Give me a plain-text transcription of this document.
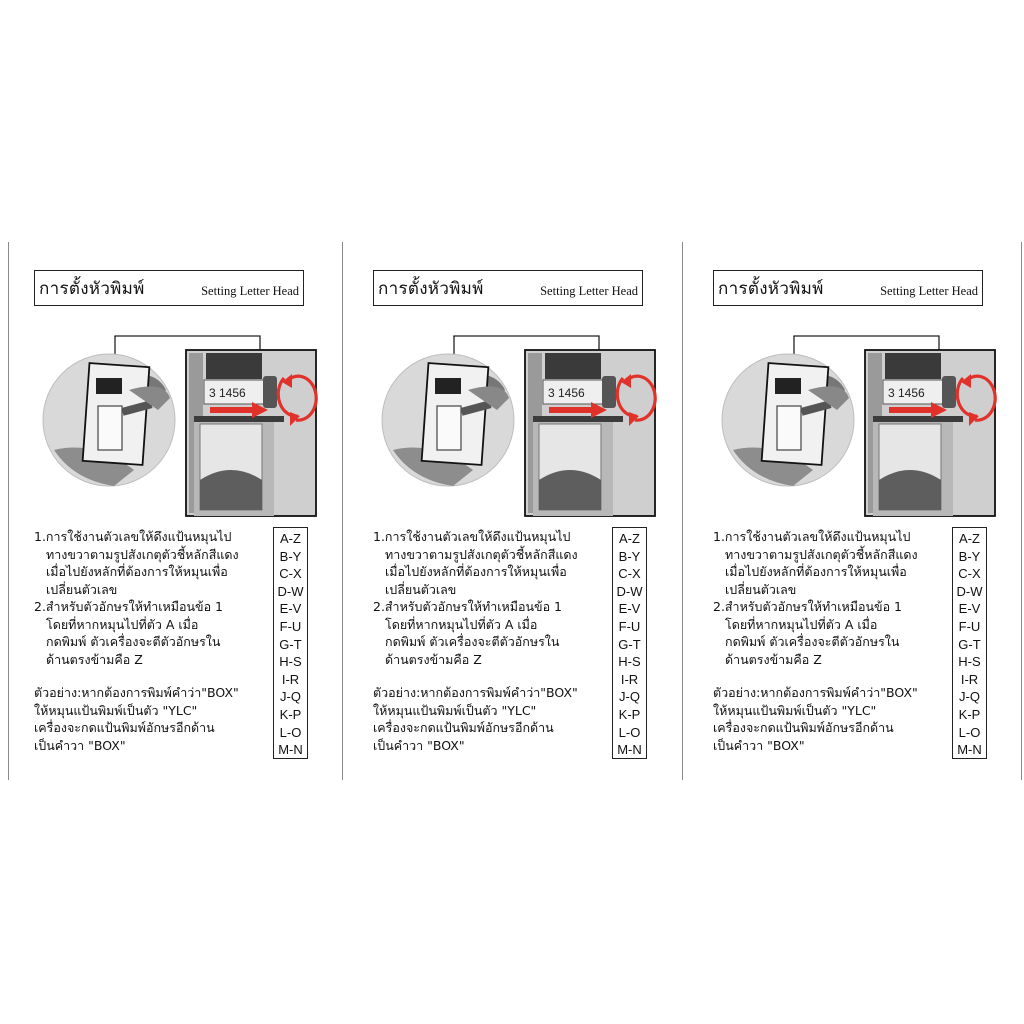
การตั้งหัวพิมพ์	Setting Letter Head
3 1456
1.การใช้งานตัวเลขให้ดึงแป้นหมุนไป
ทางขวาตามรูปสังเกตุตัวชี้หลักสีแดง
เมื่อไปยังหลักที่ต้องการให้หมุนเพื่อ
เปลี่ยนตัวเลข
2.สำหรับตัวอักษรให้ทำเหมือนข้อ 1
โดยที่หากหมุนไปที่ตัว A เมื่อ
กดพิมพ์ ตัวเครื่องจะตีตัวอักษรใน
ด้านตรงข้ามคือ Z
ตัวอย่าง:หากต้องการพิมพ์คำว่า"BOX"
ให้หมุนแป้นพิมพ์เป็นตัว "YLC"
เครื่องจะกดแป้นพิมพ์อักษรอีกด้าน
เป็นคำวา "BOX"
A-Z
B-Y
C-X
D-W
E-V
F-U
G-T
H-S
I-R
J-Q
K-P
L-O
M-N
การตั้งหัวพิมพ์	Setting Letter Head
3 1456
1.การใช้งานตัวเลขให้ดึงแป้นหมุนไป
ทางขวาตามรูปสังเกตุตัวชี้หลักสีแดง
เมื่อไปยังหลักที่ต้องการให้หมุนเพื่อ
เปลี่ยนตัวเลข
2.สำหรับตัวอักษรให้ทำเหมือนข้อ 1
โดยที่หากหมุนไปที่ตัว A เมื่อ
กดพิมพ์ ตัวเครื่องจะตีตัวอักษรใน
ด้านตรงข้ามคือ Z
ตัวอย่าง:หากต้องการพิมพ์คำว่า"BOX"
ให้หมุนแป้นพิมพ์เป็นตัว "YLC"
เครื่องจะกดแป้นพิมพ์อักษรอีกด้าน
เป็นคำวา "BOX"
A-Z
B-Y
C-X
D-W
E-V
F-U
G-T
H-S
I-R
J-Q
K-P
L-O
M-N
การตั้งหัวพิมพ์	Setting Letter Head
3 1456
1.การใช้งานตัวเลขให้ดึงแป้นหมุนไป
ทางขวาตามรูปสังเกตุตัวชี้หลักสีแดง
เมื่อไปยังหลักที่ต้องการให้หมุนเพื่อ
เปลี่ยนตัวเลข
2.สำหรับตัวอักษรให้ทำเหมือนข้อ 1
โดยที่หากหมุนไปที่ตัว A เมื่อ
กดพิมพ์ ตัวเครื่องจะตีตัวอักษรใน
ด้านตรงข้ามคือ Z
ตัวอย่าง:หากต้องการพิมพ์คำว่า"BOX"
ให้หมุนแป้นพิมพ์เป็นตัว "YLC"
เครื่องจะกดแป้นพิมพ์อักษรอีกด้าน
เป็นคำวา "BOX"
A-Z
B-Y
C-X
D-W
E-V
F-U
G-T
H-S
I-R
J-Q
K-P
L-O
M-N
